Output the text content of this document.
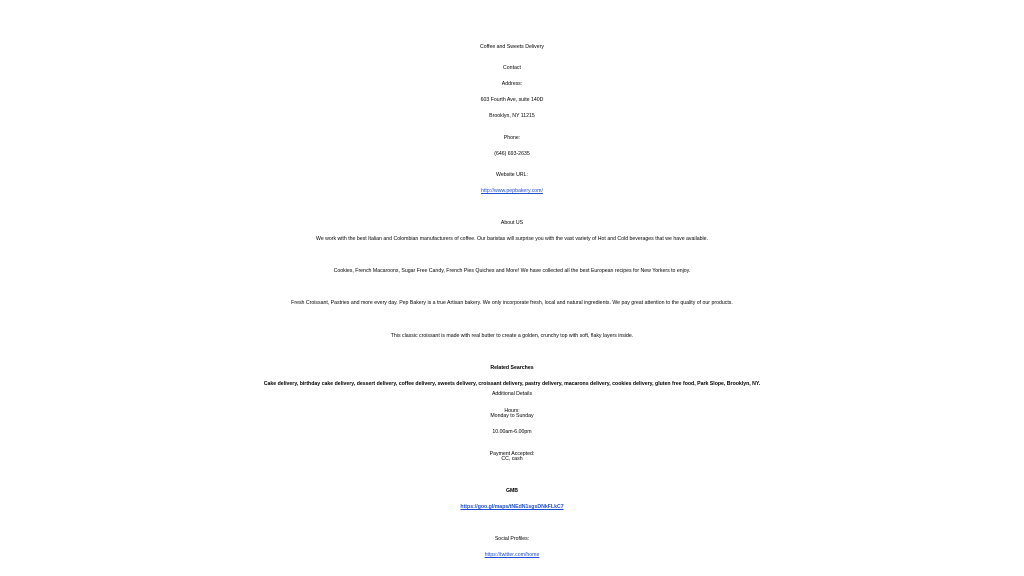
Coffee and Sweets Delivery
Contact
Address:
603 Fourth Ave, suite 140D
Brooklyn, NY 11215
Phone:
(646) 693-2635
Website URL:
http://www.pepbakery.com/
About US
We work with the best Italian and Colombian manufacturers of coffee. Our baristas will surprise you with the vast variety of Hot and Cold beverages that we have available.
Cookies, French Macaroons, Sugar Free Candy, French Pies Quiches and More! We have collected all the best European recipes for New Yorkers to enjoy.
Fresh Croissant, Pastries and more every day. Pep Bakery is a true Artisan bakery. We only incorporate fresh, local and natural ingredients. We pay great attention to the quality of our products.
This classic croissant is made with real butter to create a golden, crunchy top with soft, flaky layers inside.
Related Searches
Cake delivery, birthday cake delivery, dessert delivery, coffee delivery, sweets delivery, croissant delivery, pastry delivery, macarons delivery, cookies delivery, gluten free food, Park Slope, Brooklyn, NY.
Additional Details
Hours:
Monday to Sunday
10.00am-6.00pm
Payment Accepted:
CC, cash
GMB
https://goo.gl/maps/tNEdN1sgsDNkFLkC7
Social Profiles:
https://twitter.com/home
